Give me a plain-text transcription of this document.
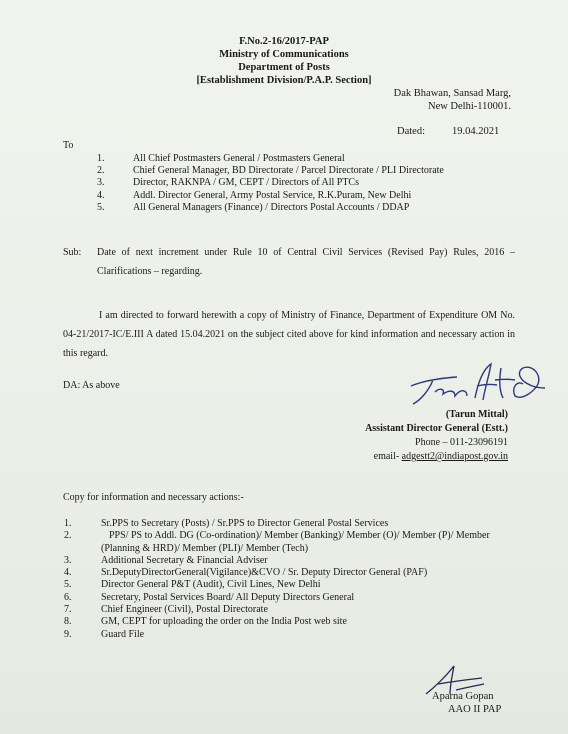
F.No.2-16/2017-PAP
Ministry of Communications
Department of Posts
[Establishment Division/P.A.P. Section]
Dak Bhawan, Sansad Marg,
New Delhi-110001.
Dated:	19.04.2021
To
1.	All Chief Postmasters General / Postmasters General
2.	Chief General Manager, BD Directorate / Parcel Directorate / PLI Directorate
3.	Director, RAKNPA / GM, CEPT / Directors of All PTCs
4.	Addl. Director General, Army Postal Service, R.K.Puram, New Delhi
5.	All General Managers (Finance) / Directors Postal Accounts / DDAP
Sub: Date of next increment under Rule 10 of Central Civil Services (Revised Pay) Rules, 2016 – Clarifications – regarding.
I am directed to forward herewith a copy of Ministry of Finance, Department of Expenditure OM No. 04-21/2017-IC/E.III A dated 15.04.2021 on the subject cited above for kind information and necessary action in this regard.
DA: As above
(Tarun Mittal)
Assistant Director General (Estt.)
Phone – 011-23096191
email- adgestt2@indiapost.gov.in
Copy for information and necessary actions:-
1.	Sr.PPS to Secretary (Posts) / Sr.PPS to Director General Postal Services
2.	PPS/ PS to Addl. DG (Co-ordination)/ Member (Banking)/ Member (O)/ Member (P)/ Member (Planning & HRD)/ Member (PLI)/ Member (Tech)
3.	Additional Secretary & Financial Adviser
4.	Sr.DeputyDirectorGeneral(Vigilance)&CVO / Sr. Deputy Director General (PAF)
5.	Director General P&T (Audit), Civil Lines, New Delhi
6.	Secretary, Postal Services Board/ All Deputy Directors General
7.	Chief Engineer (Civil), Postal Directorate
8.	GM, CEPT for uploading the order on the India Post web site
9.	Guard File
Aparna Gopan
AAO II PAP
